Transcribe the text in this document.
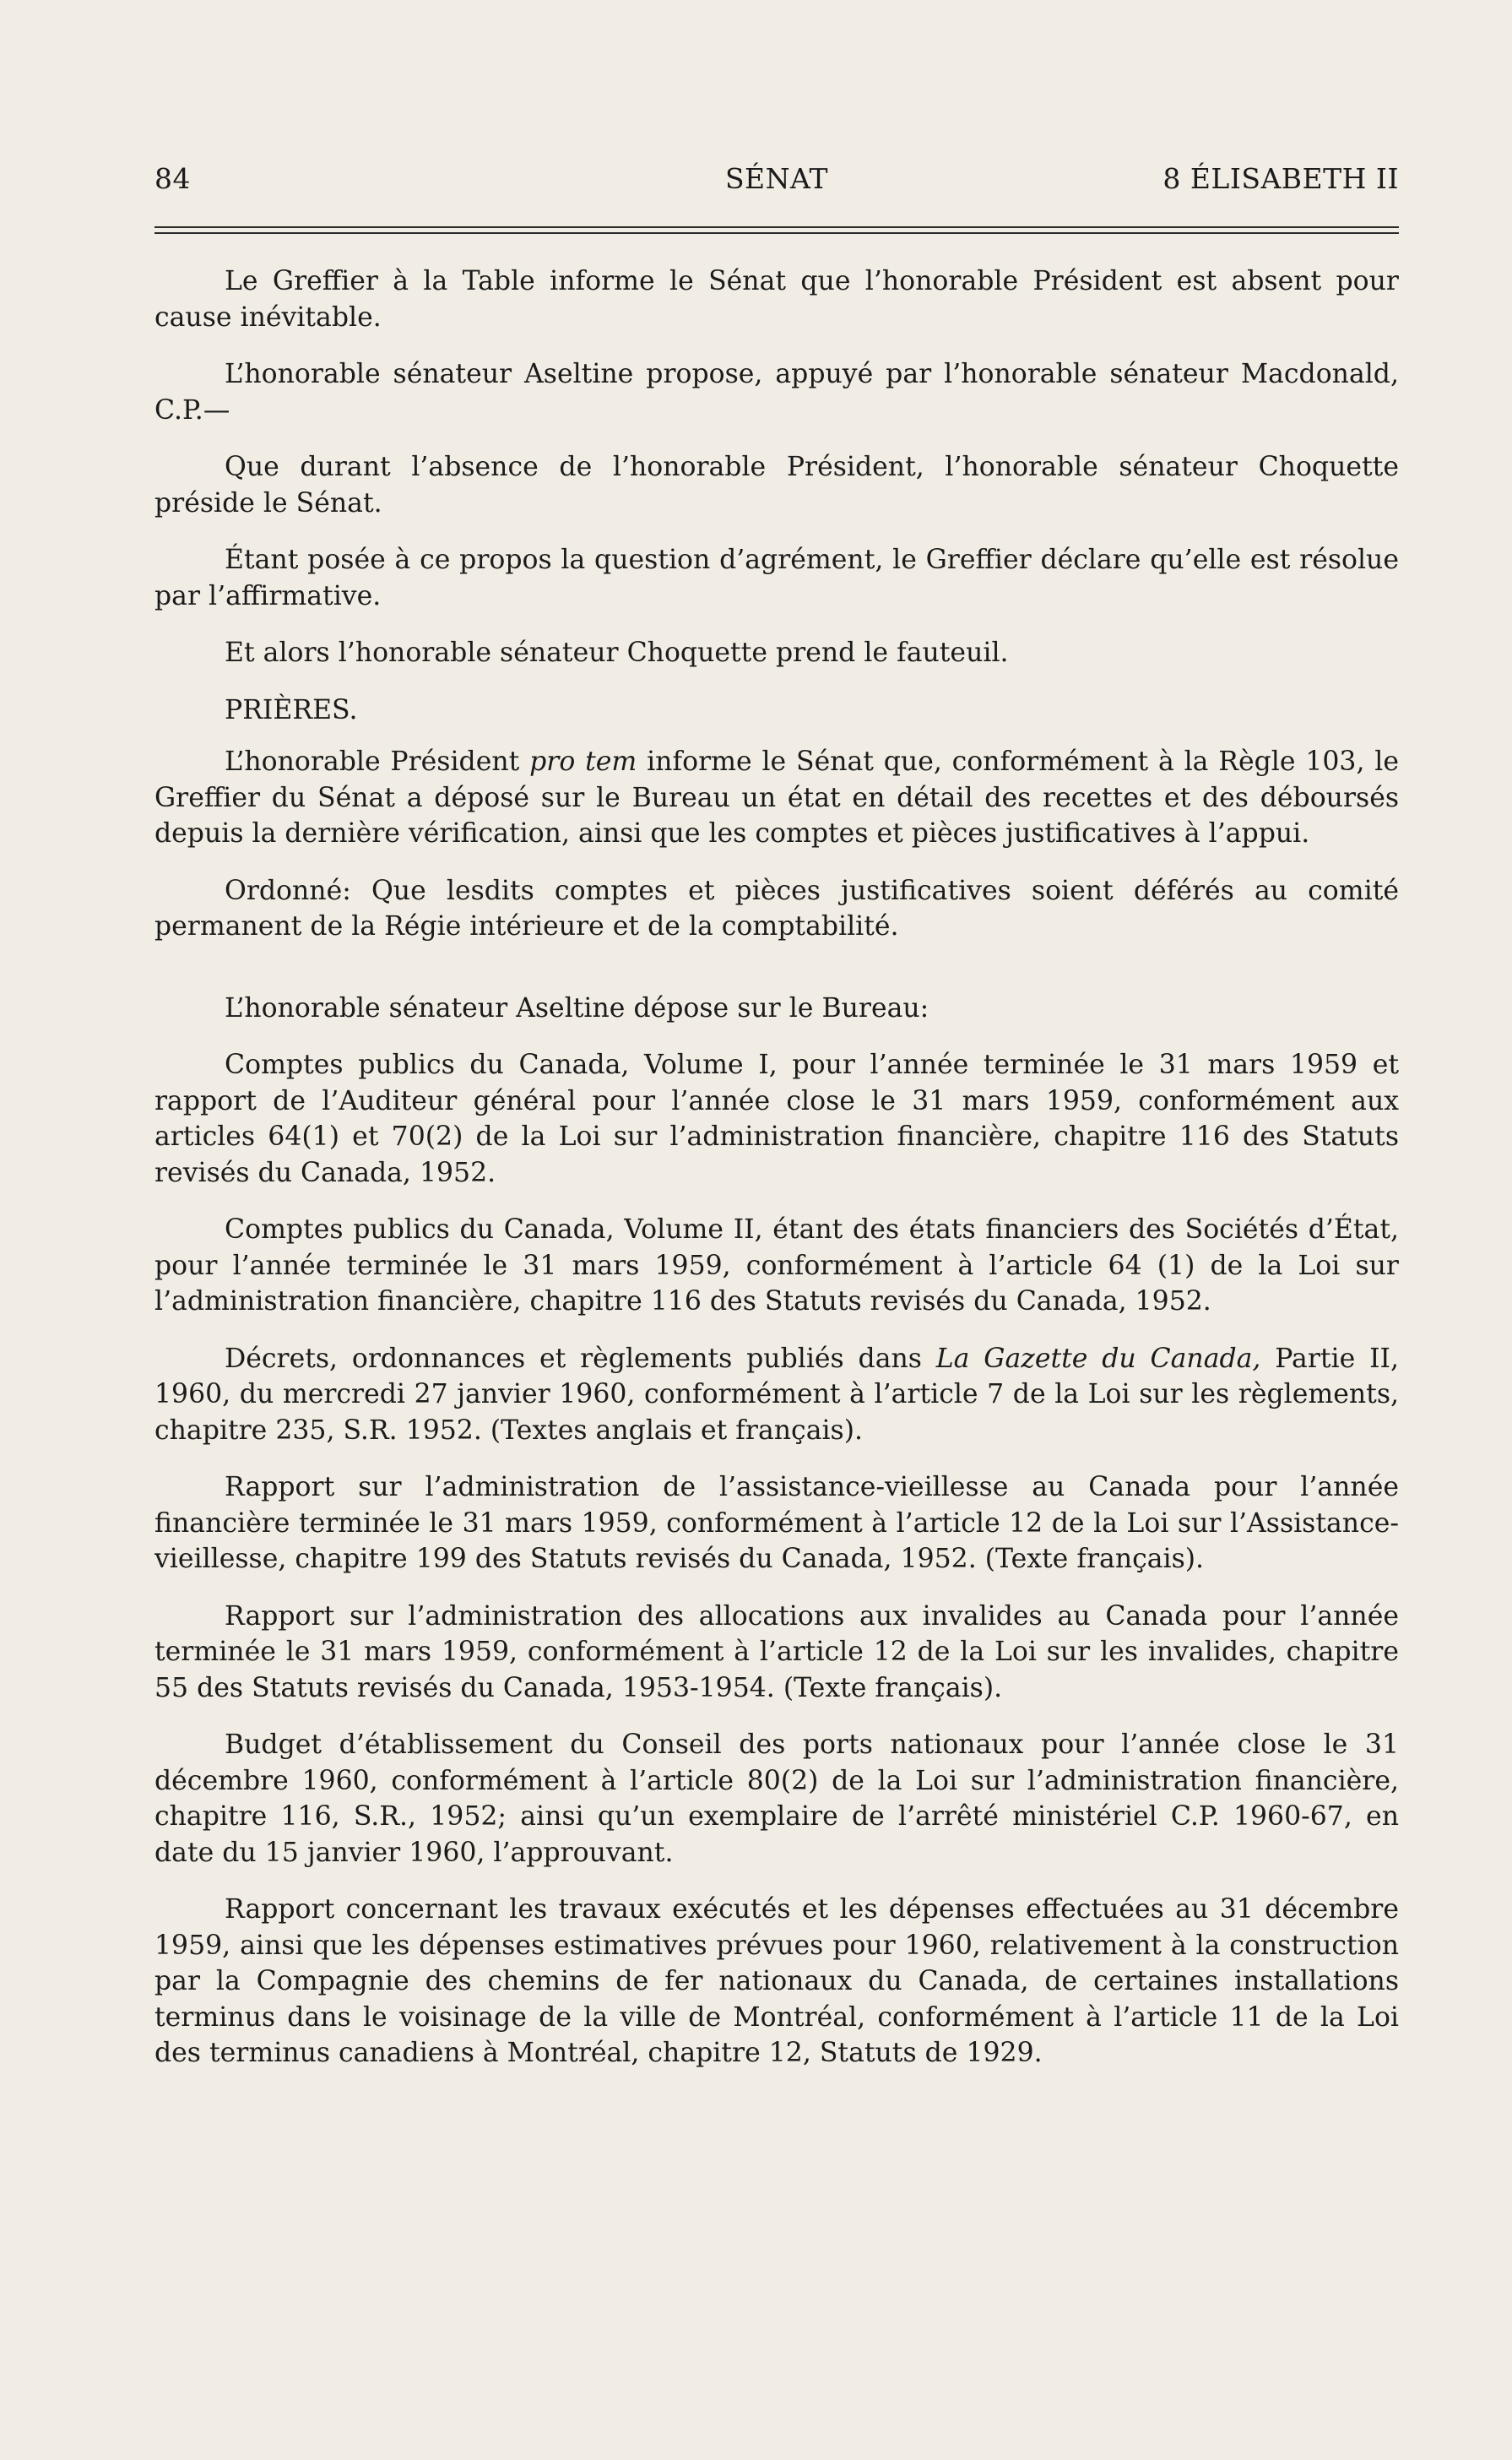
84	SÉNAT	8 ÉLISABETH II

Le Greffier à la Table informe le Sénat que l’honorable Président est absent pour cause inévitable.

L’honorable sénateur Aseltine propose, appuyé par l’honorable sénateur Macdonald, C.P.—

Que durant l’absence de l’honorable Président, l’honorable sénateur Choquette préside le Sénat.

Étant posée à ce propos la question d’agrément, le Greffier déclare qu’elle est résolue par l’affirmative.

Et alors l’honorable sénateur Choquette prend le fauteuil.

PRIÈRES.

L’honorable Président pro tem informe le Sénat que, conformément à la Règle 103, le Greffier du Sénat a déposé sur le Bureau un état en détail des recettes et des déboursés depuis la dernière vérification, ainsi que les comptes et pièces justificatives à l’appui.

Ordonné: Que lesdits comptes et pièces justificatives soient déférés au comité permanent de la Régie intérieure et de la comptabilité.

L’honorable sénateur Aseltine dépose sur le Bureau:

Comptes publics du Canada, Volume I, pour l’année terminée le 31 mars 1959 et rapport de l’Auditeur général pour l’année close le 31 mars 1959, conformément aux articles 64(1) et 70(2) de la Loi sur l’administration financière, chapitre 116 des Statuts revisés du Canada, 1952.

Comptes publics du Canada, Volume II, étant des états financiers des Sociétés d’État, pour l’année terminée le 31 mars 1959, conformément à l’article 64 (1) de la Loi sur l’administration financière, chapitre 116 des Statuts revisés du Canada, 1952.

Décrets, ordonnances et règlements publiés dans La Gazette du Canada, Partie II, 1960, du mercredi 27 janvier 1960, conformément à l’article 7 de la Loi sur les règlements, chapitre 235, S.R. 1952. (Textes anglais et français).

Rapport sur l’administration de l’assistance-vieillesse au Canada pour l’année financière terminée le 31 mars 1959, conformément à l’article 12 de la Loi sur l’Assistance-vieillesse, chapitre 199 des Statuts revisés du Canada, 1952. (Texte français).

Rapport sur l’administration des allocations aux invalides au Canada pour l’année terminée le 31 mars 1959, conformément à l’article 12 de la Loi sur les invalides, chapitre 55 des Statuts revisés du Canada, 1953-1954. (Texte français).

Budget d’établissement du Conseil des ports nationaux pour l’année close le 31 décembre 1960, conformément à l’article 80(2) de la Loi sur l’administration financière, chapitre 116, S.R., 1952; ainsi qu’un exemplaire de l’arrêté ministériel C.P. 1960-67, en date du 15 janvier 1960, l’approuvant.

Rapport concernant les travaux exécutés et les dépenses effectuées au 31 décembre 1959, ainsi que les dépenses estimatives prévues pour 1960, relativement à la construction par la Compagnie des chemins de fer nationaux du Canada, de certaines installations terminus dans le voisinage de la ville de Montréal, conformément à l’article 11 de la Loi des terminus canadiens à Montréal, chapitre 12, Statuts de 1929.
